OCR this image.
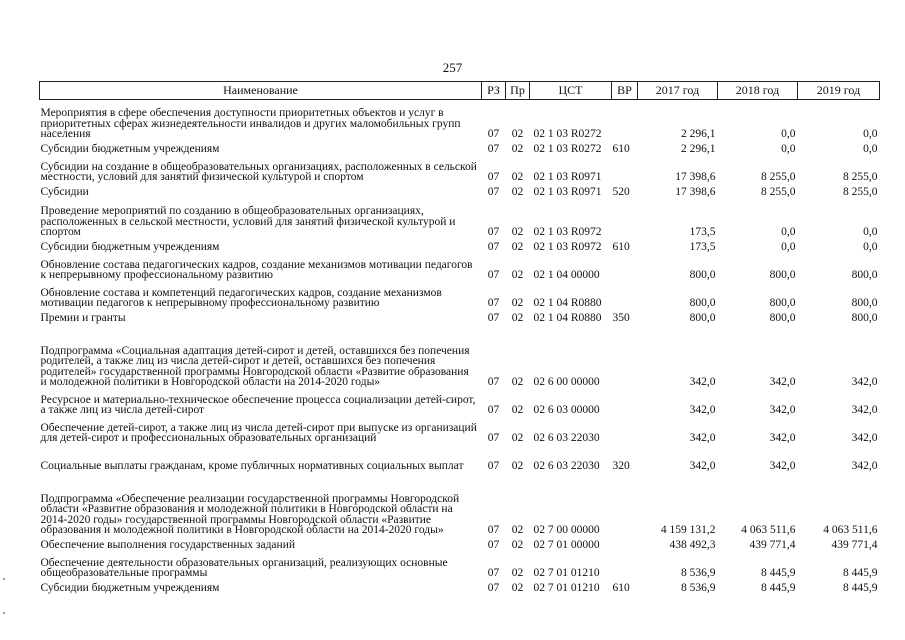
257
Наименование	РЗ	Пр	ЦСТ	ВР	2017 год	2018 год	2019 год
Мероприятия в сфере обеспечения доступности приоритетных объектов и услуг в приоритетных сферах жизнедеятельности инвалидов и других маломобильных групп населения	07	02	02 1 03 R0272		2 296,1	0,0	0,0
Субсидии бюджетным учреждениям	07	02	02 1 03 R0272	610	2 296,1	0,0	0,0
Субсидии на создание в общеобразовательных организациях, расположенных в сельской местности, условий для занятий физической культурой и спортом	07	02	02 1 03 R0971		17 398,6	8 255,0	8 255,0
Субсидии	07	02	02 1 03 R0971	520	17 398,6	8 255,0	8 255,0
Проведение мероприятий по созданию в общеобразовательных организациях, расположенных в сельской местности, условий для занятий физической культурой и спортом	07	02	02 1 03 R0972		173,5	0,0	0,0
Субсидии бюджетным учреждениям	07	02	02 1 03 R0972	610	173,5	0,0	0,0
Обновление состава педагогических кадров, создание механизмов мотивации педагогов к непрерывному профессиональному развитию	07	02	02 1 04 00000		800,0	800,0	800,0
Обновление состава и компетенций педагогических кадров, создание механизмов мотивации педагогов к непрерывному профессиональному развитию	07	02	02 1 04 R0880		800,0	800,0	800,0
Премии и гранты	07	02	02 1 04 R0880	350	800,0	800,0	800,0
Подпрограмма «Социальная адаптация детей-сирот и детей, оставшихся без попечения родителей, а также лиц из числа детей-сирот и детей, оставшихся без попечения родителей» государственной программы Новгородской области «Развитие образования и молодежной политики в Новгородской области на 2014-2020 годы»	07	02	02 6 00 00000		342,0	342,0	342,0
Ресурсное и материально-техническое обеспечение процесса социализации детей-сирот, а также лиц из числа детей-сирот	07	02	02 6 03 00000		342,0	342,0	342,0
Обеспечение детей-сирот, а также лиц из числа детей-сирот при выпуске из организаций для детей-сирот и профессиональных образовательных организаций	07	02	02 6 03 22030		342,0	342,0	342,0
Социальные выплаты гражданам, кроме публичных нормативных социальных выплат	07	02	02 6 03 22030	320	342,0	342,0	342,0
Подпрограмма «Обеспечение реализации государственной программы Новгородской области «Развитие образования и молодежной политики в Новгородской области на 2014-2020 годы» государственной программы Новгородской области «Развитие образования и молодежной политики в Новгородской области на 2014-2020 годы»	07	02	02 7 00 00000		4 159 131,2	4 063 511,6	4 063 511,6
Обеспечение выполнения государственных заданий	07	02	02 7 01 00000		438 492,3	439 771,4	439 771,4
Обеспечение деятельности образовательных организаций, реализующих основные общеобразовательные программы	07	02	02 7 01 01210		8 536,9	8 445,9	8 445,9
Субсидии бюджетным учреждениям	07	02	02 7 01 01210	610	8 536,9	8 445,9	8 445,9
